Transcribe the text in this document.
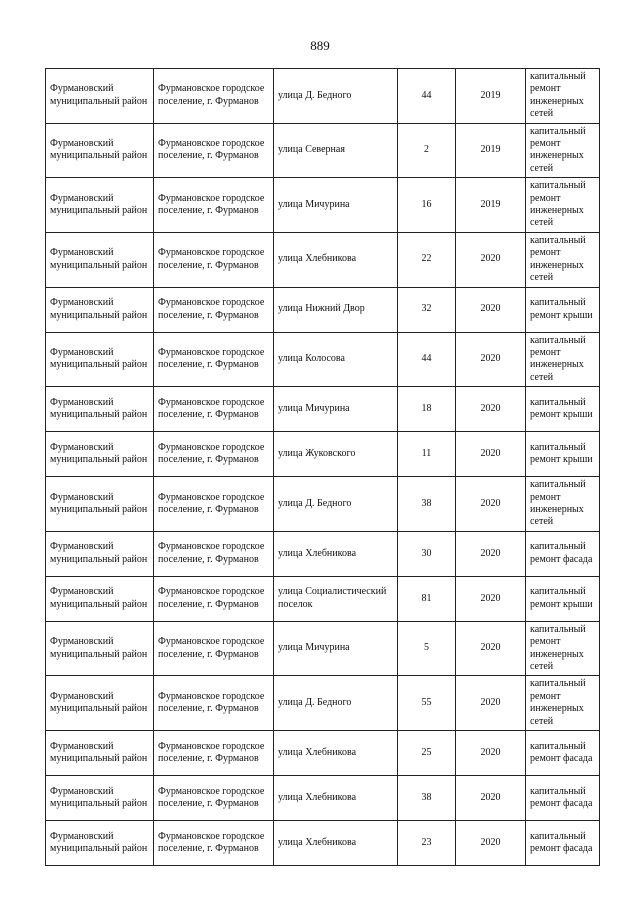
889
Фурмановский муниципальный район	Фурмановское городское поселение, г. Фурманов	улица Д. Бедного	44	2019	капитальный ремонт инженерных сетей
Фурмановский муниципальный район	Фурмановское городское поселение, г. Фурманов	улица Северная	2	2019	капитальный ремонт инженерных сетей
Фурмановский муниципальный район	Фурмановское городское поселение, г. Фурманов	улица Мичурина	16	2019	капитальный ремонт инженерных сетей
Фурмановский муниципальный район	Фурмановское городское поселение, г. Фурманов	улица Хлебникова	22	2020	капитальный ремонт инженерных сетей
Фурмановский муниципальный район	Фурмановское городское поселение, г. Фурманов	улица Нижний Двор	32	2020	капитальный ремонт крыши
Фурмановский муниципальный район	Фурмановское городское поселение, г. Фурманов	улица Колосова	44	2020	капитальный ремонт инженерных сетей
Фурмановский муниципальный район	Фурмановское городское поселение, г. Фурманов	улица Мичурина	18	2020	капитальный ремонт крыши
Фурмановский муниципальный район	Фурмановское городское поселение, г. Фурманов	улица Жуковского	11	2020	капитальный ремонт крыши
Фурмановский муниципальный район	Фурмановское городское поселение, г. Фурманов	улица Д. Бедного	38	2020	капитальный ремонт инженерных сетей
Фурмановский муниципальный район	Фурмановское городское поселение, г. Фурманов	улица Хлебникова	30	2020	капитальный ремонт фасада
Фурмановский муниципальный район	Фурмановское городское поселение, г. Фурманов	улица Социалистический поселок	81	2020	капитальный ремонт крыши
Фурмановский муниципальный район	Фурмановское городское поселение, г. Фурманов	улица Мичурина	5	2020	капитальный ремонт инженерных сетей
Фурмановский муниципальный район	Фурмановское городское поселение, г. Фурманов	улица Д. Бедного	55	2020	капитальный ремонт инженерных сетей
Фурмановский муниципальный район	Фурмановское городское поселение, г. Фурманов	улица Хлебникова	25	2020	капитальный ремонт фасада
Фурмановский муниципальный район	Фурмановское городское поселение, г. Фурманов	улица Хлебникова	38	2020	капитальный ремонт фасада
Фурмановский муниципальный район	Фурмановское городское поселение, г. Фурманов	улица Хлебникова	23	2020	капитальный ремонт фасада
